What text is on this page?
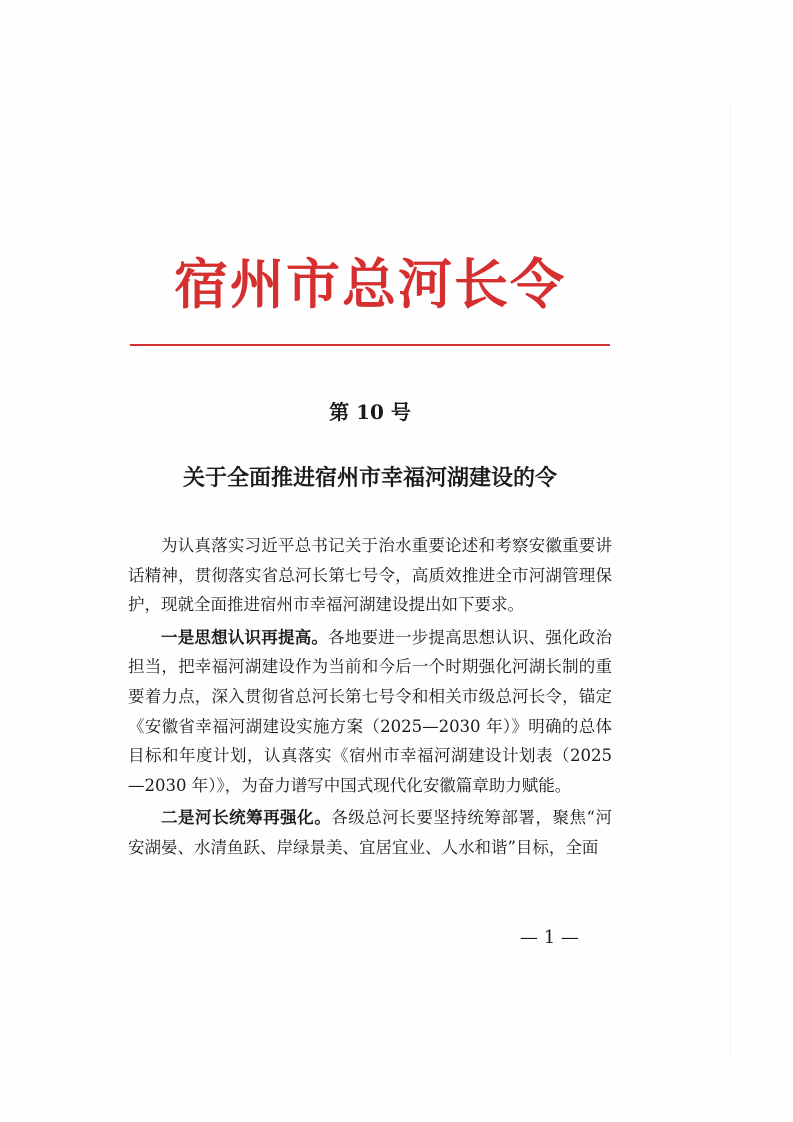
宿州市总河长令
第 10 号
关于全面推进宿州市幸福河湖建设的令

为认真落实习近平总书记关于治水重要论述和考察安徽重要讲话精神，贯彻落实省总河长第七号令，高质效推进全市河湖管理保护，现就全面推进宿州市幸福河湖建设提出如下要求。

一是思想认识再提高。各地要进一步提高思想认识、强化政治担当，把幸福河湖建设作为当前和今后一个时期强化河湖长制的重要着力点，深入贯彻省总河长第七号令和相关市级总河长令，锚定《安徽省幸福河湖建设实施方案（2025—2030 年）》明确的总体目标和年度计划，认真落实《宿州市幸福河湖建设计划表（2025—2030 年）》，为奋力谱写中国式现代化安徽篇章助力赋能。

二是河长统筹再强化。各级总河长要坚持统筹部署，聚焦“河安湖晏、水清鱼跃、岸绿景美、宜居宜业、人水和谐”目标，全面

— 1 —
